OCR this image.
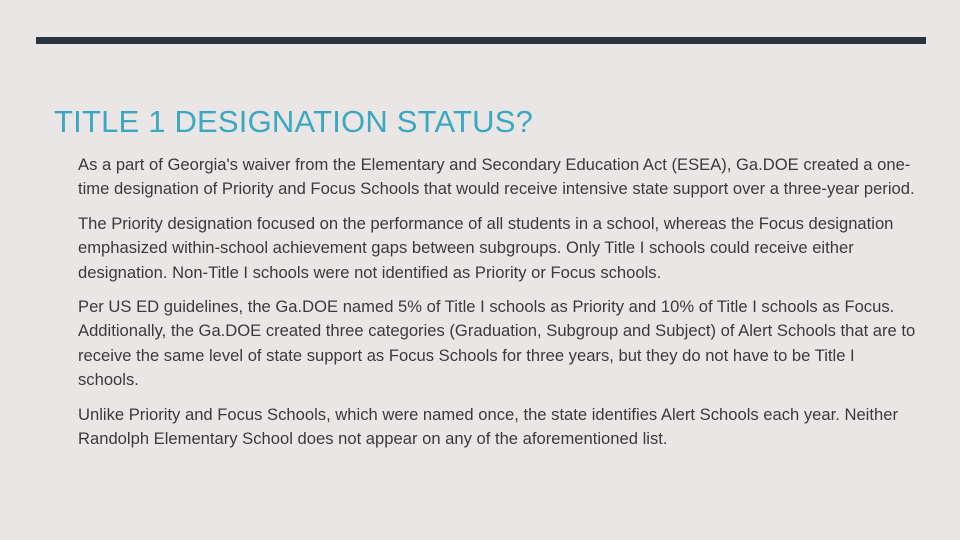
TITLE 1 DESIGNATION STATUS?

As a part of Georgia's waiver from the Elementary and Secondary Education Act (ESEA), Ga.DOE created a one-time designation of Priority and Focus Schools that would receive intensive state support over a three-year period.

The Priority designation focused on the performance of all students in a school, whereas the Focus designation emphasized within-school achievement gaps between subgroups. Only Title I schools could receive either designation. Non-Title I schools were not identified as Priority or Focus schools.

Per US ED guidelines, the Ga.DOE named 5% of Title I schools as Priority and 10% of Title I schools as Focus. Additionally, the Ga.DOE created three categories (Graduation, Subgroup and Subject) of Alert Schools that are to receive the same level of state support as Focus Schools for three years, but they do not have to be Title I schools.

Unlike Priority and Focus Schools, which were named once, the state identifies Alert Schools each year. Neither Randolph Elementary School does not appear on any of the aforementioned list.
